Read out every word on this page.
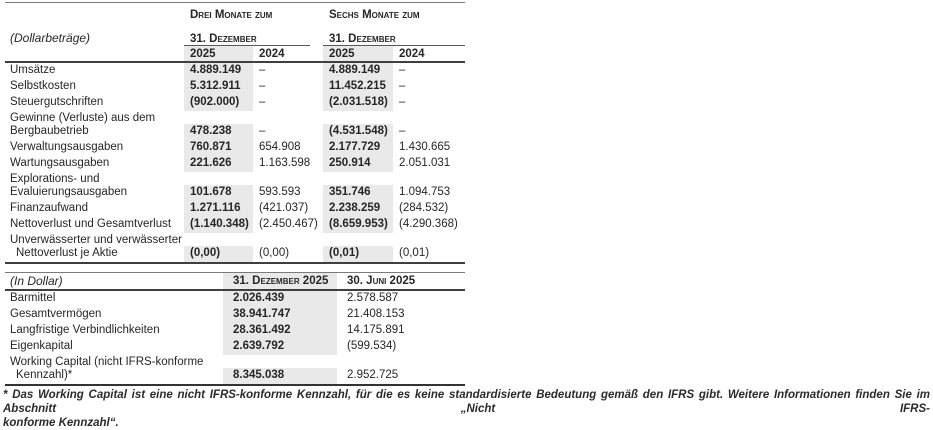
(Dollarbeträge)
Drei Monate zum	Sechs Monate zum
31. Dezember	31. Dezember
2025	2024	2025	2024
Umsätze	4.889.149	–	4.889.149	–
Selbstkosten	5.312.911	–	11.452.215	–
Steuergutschriften	(902.000)	–	(2.031.518) –
Gewinne (Verluste) aus dem
Bergbaubetrieb	478.238	–	(4.531.548) –
Verwaltungsausgaben	760.871	654.908	2.177.729	1.430.665
Wartungsausgaben	221.626	1.163.598	250.914	2.051.031
Explorations- und
Evaluierungsausgaben	101.678	593.593	351.746	1.094.753
Finanzaufwand	1.271.116	(421.037)	2.238.259	(284.532)
Nettoverlust und Gesamtverlust	(1.140.348) (2.450.467) (8.659.953) (4.290.368)
Unverwässerter und verwässerter
Nettoverlust je Aktie	(0,00)	(0,00)	(0,01)	(0,01)
(In Dollar)	31. Dezember 2025	30. Juni 2025
Barmittel	2.026.439	2.578.587
Gesamtvermögen	38.941.747	21.408.153
Langfristige Verbindlichkeiten	28.361.492	14.175.891
Eigenkapital	2.639.792	(599.534)
Working Capital (nicht IFRS-konforme
Kennzahl)*	8.345.038	2.952.725
* Das Working Capital ist eine nicht IFRS-konforme Kennzahl, für die es keine standardisierte Bedeutung gemäß den IFRS gibt. Weitere Informationen finden Sie im Abschnitt „Nicht IFRS-
konforme Kennzahl“.
